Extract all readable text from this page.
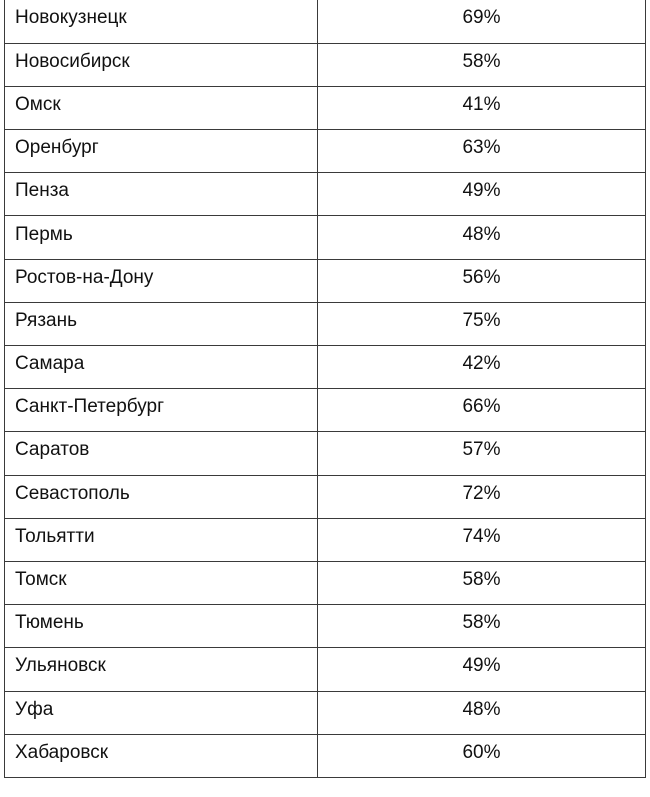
Новокузнецк	69%
Новосибирск	58%
Омск	41%
Оренбург	63%
Пенза	49%
Пермь	48%
Ростов-на-Дону	56%
Рязань	75%
Самара	42%
Санкт-Петербург	66%
Саратов	57%
Севастополь	72%
Тольятти	74%
Томск	58%
Тюмень	58%
Ульяновск	49%
Уфа	48%
Хабаровск	60%
